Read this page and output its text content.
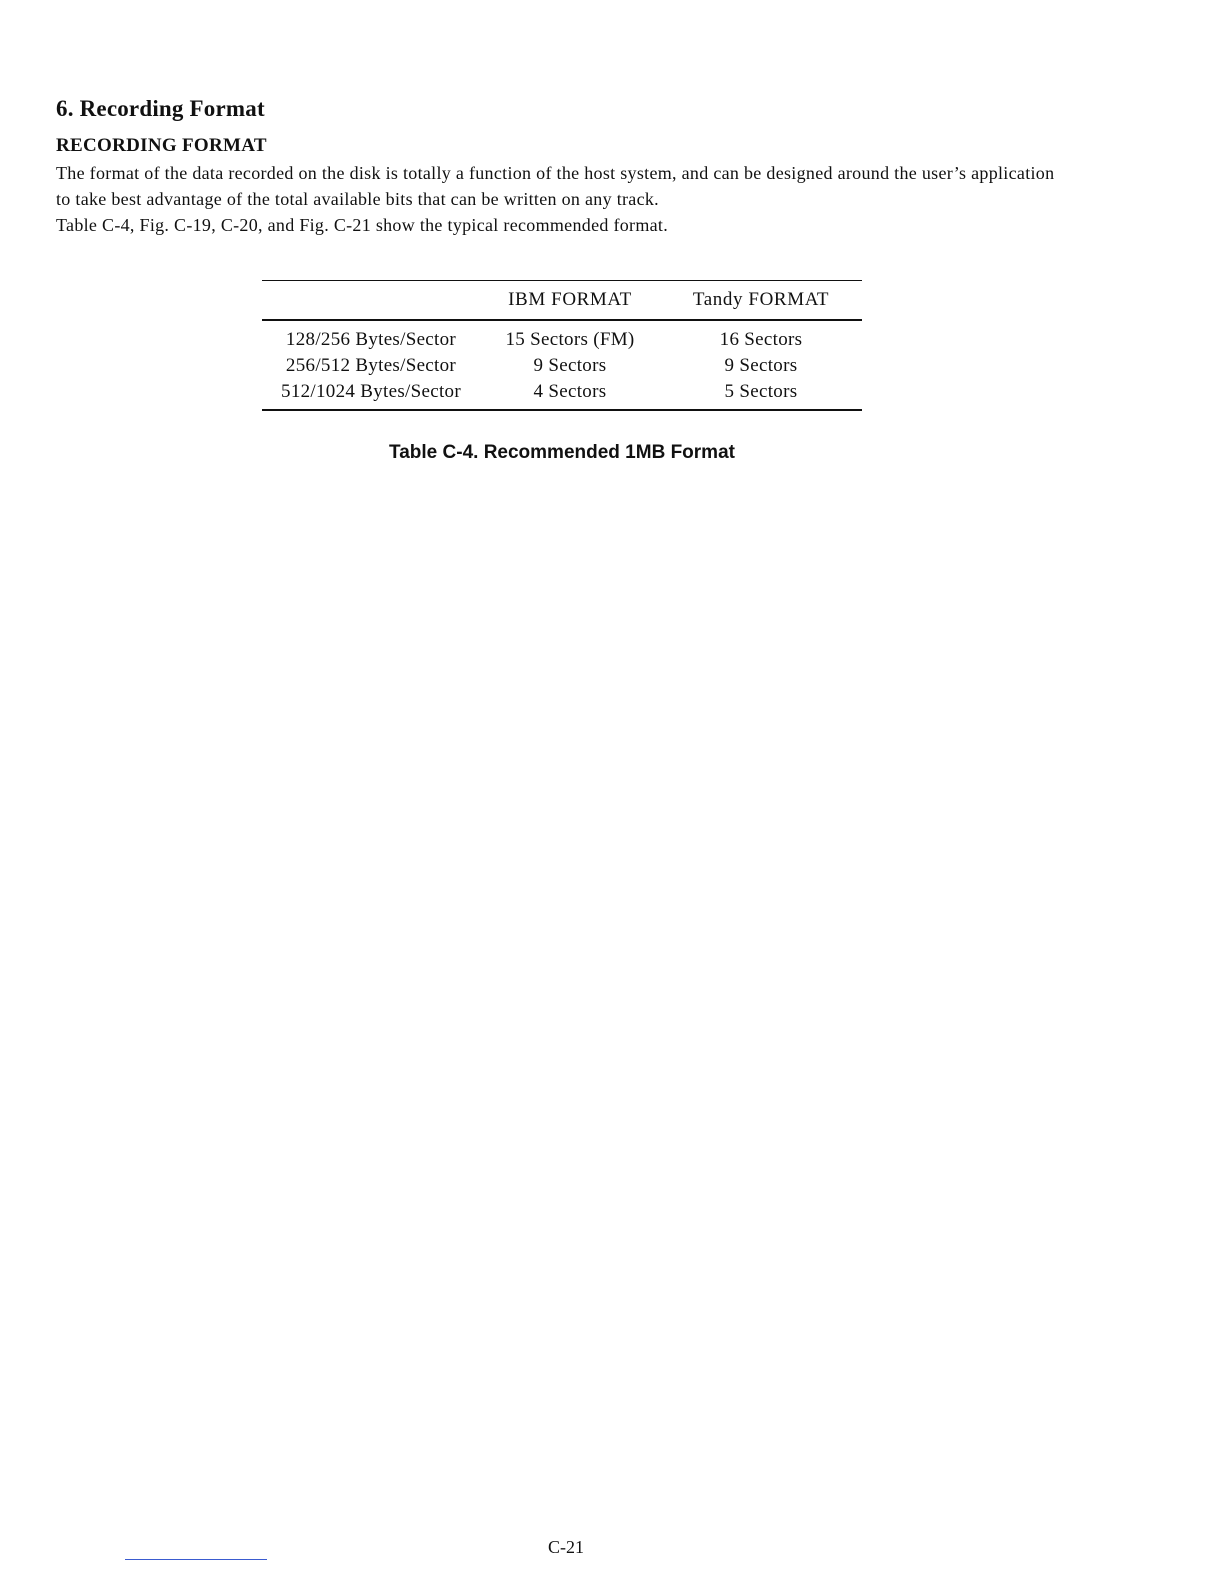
6. Recording Format
RECORDING FORMAT

The format of the data recorded on the disk is totally a function of the host system, and can be designed around the user’s application to take best advantage of the total available bits that can be written on any track.

Table C-4, Fig. C-19, C-20, and Fig. C-21 show the typical recommended format.

	IBM FORMAT	Tandy FORMAT
128/256 Bytes/Sector	15 Sectors (FM)	16 Sectors
256/512 Bytes/Sector	9 Sectors	9 Sectors
512/1024 Bytes/Sector	4 Sectors	5 Sectors

Table C-4. Recommended 1MB Format

C-21
